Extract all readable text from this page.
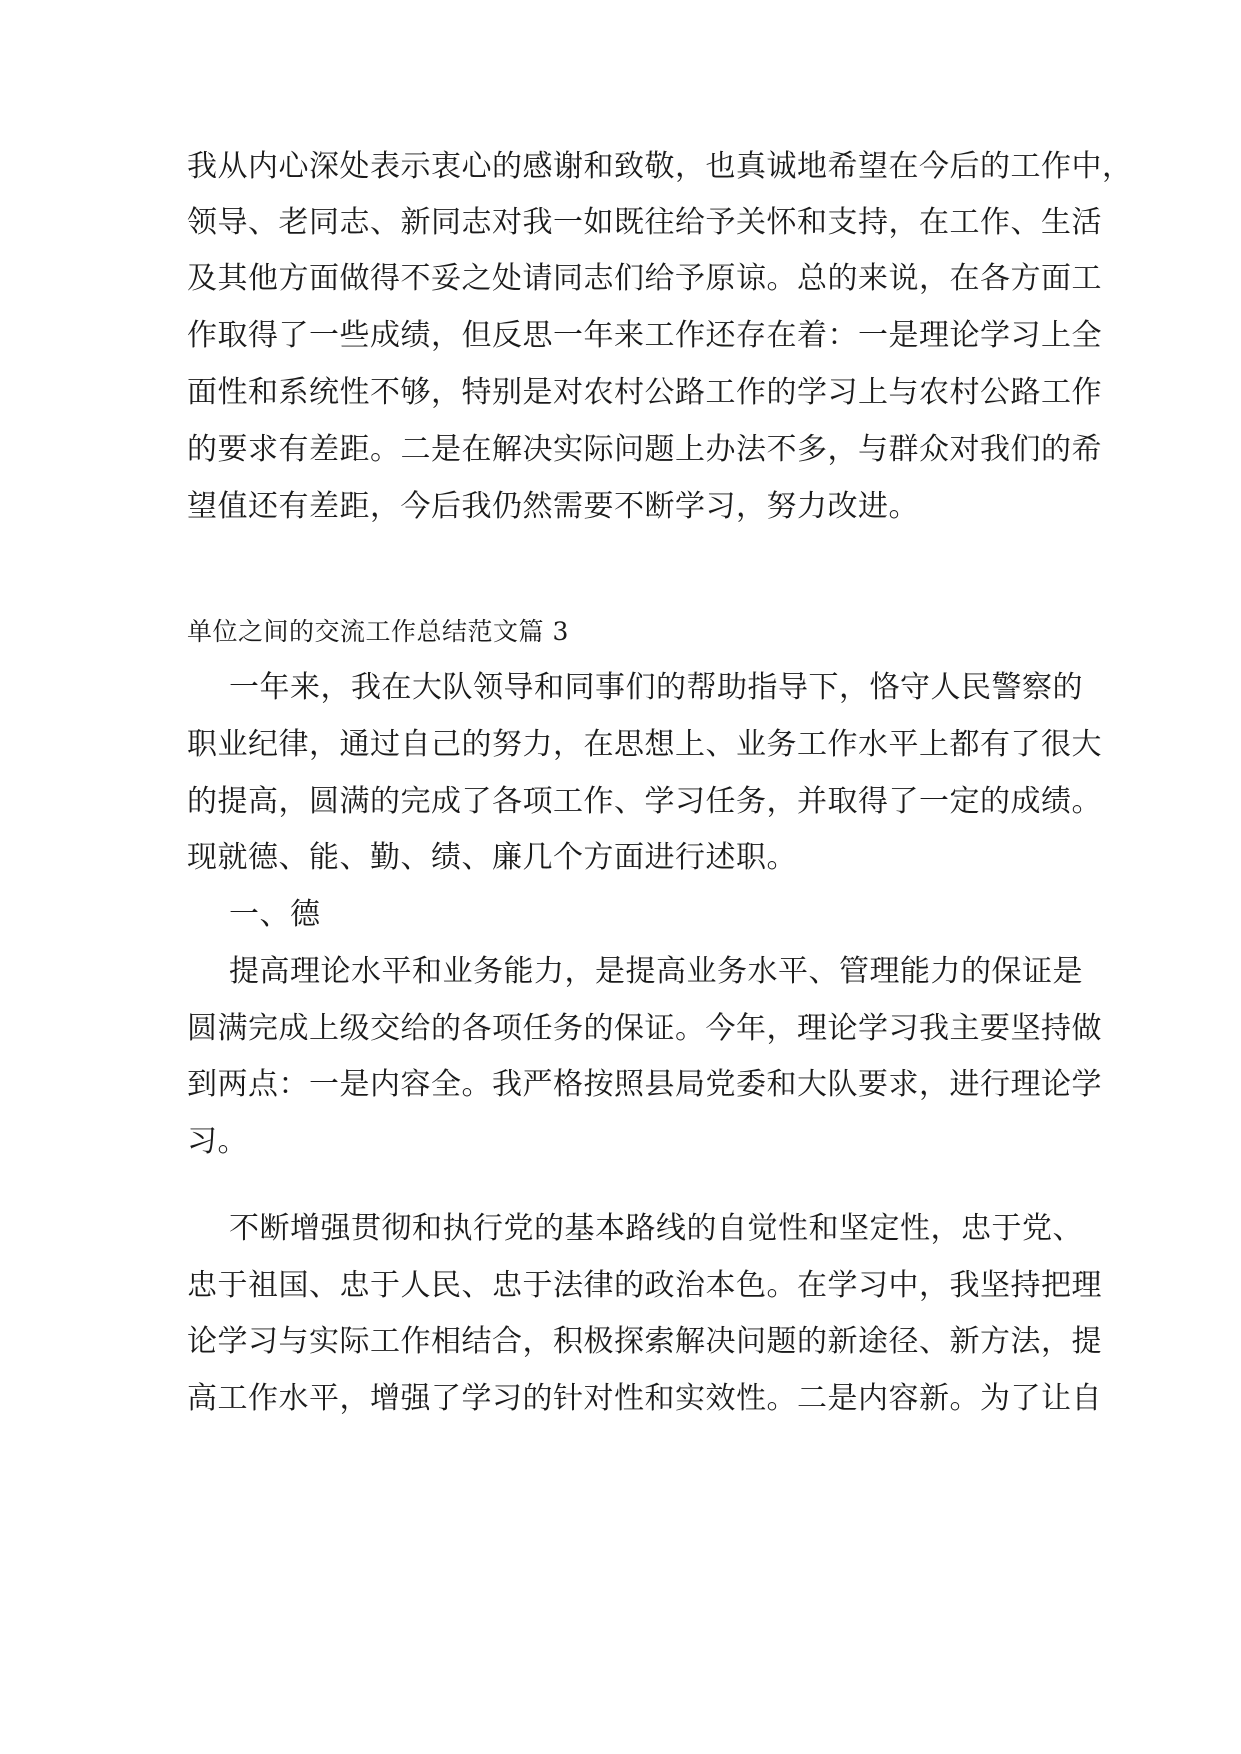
我从内心深处表示衷心的感谢和致敬，也真诚地希望在今后的工作中，
领导、老同志、新同志对我一如既往给予关怀和支持，在工作、生活
及其他方面做得不妥之处请同志们给予原谅。总的来说，在各方面工
作取得了一些成绩，但反思一年来工作还存在着：一是理论学习上全
面性和系统性不够，特别是对农村公路工作的学习上与农村公路工作
的要求有差距。二是在解决实际问题上办法不多，与群众对我们的希
望值还有差距，今后我仍然需要不断学习，努力改进。
单位之间的交流工作总结范文篇 3
一年来，我在大队领导和同事们的帮助指导下，恪守人民警察的
职业纪律，通过自己的努力，在思想上、业务工作水平上都有了很大
的提高，圆满的完成了各项工作、学习任务，并取得了一定的成绩。
现就德、能、勤、绩、廉几个方面进行述职。
一、德
提高理论水平和业务能力，是提高业务水平、管理能力的保证是
圆满完成上级交给的各项任务的保证。今年，理论学习我主要坚持做
到两点：一是内容全。我严格按照县局党委和大队要求，进行理论学
习。
不断增强贯彻和执行党的基本路线的自觉性和坚定性，忠于党、
忠于祖国、忠于人民、忠于法律的政治本色。在学习中，我坚持把理
论学习与实际工作相结合，积极探索解决问题的新途径、新方法，提
高工作水平，增强了学习的针对性和实效性。二是内容新。为了让自
